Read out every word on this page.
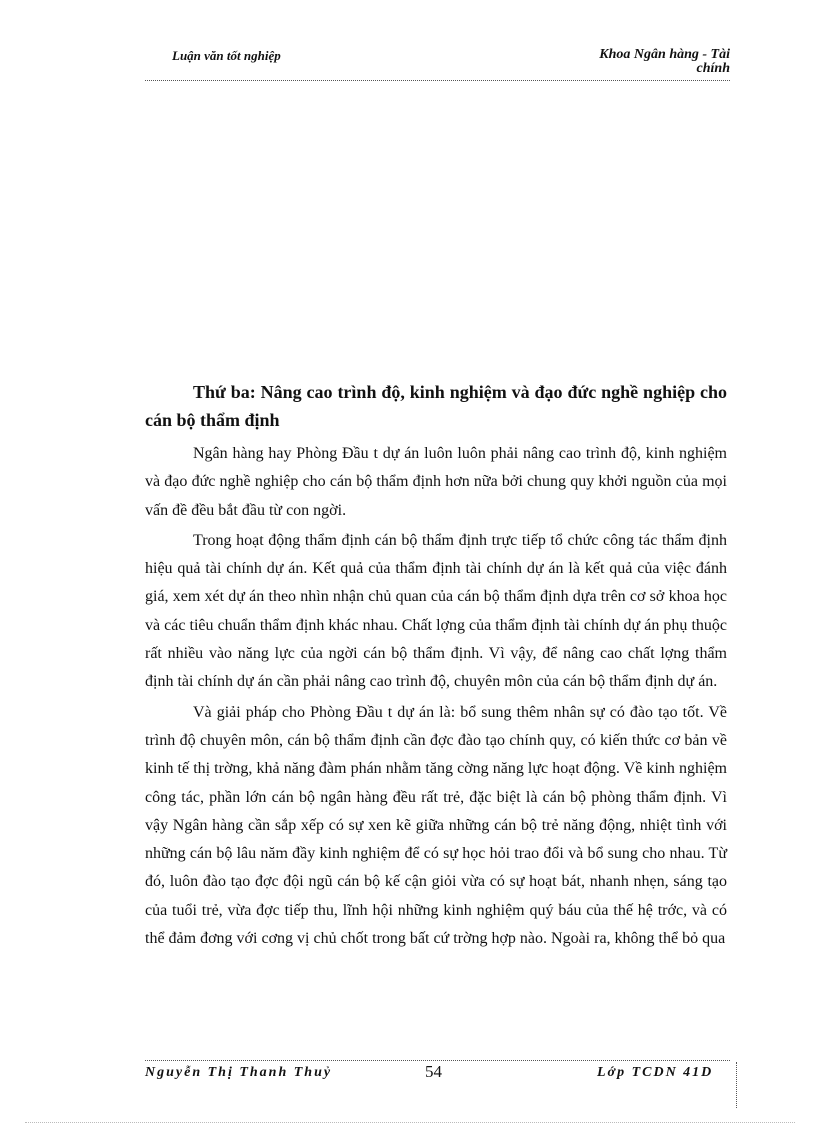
Luận văn tốt nghiệp	Khoa Ngân hàng - Tài
chính

Thứ ba: Nâng cao trình độ, kinh nghiệm và đạo đức nghề nghiệp cho cán bộ thẩm định

Ngân hàng hay Phòng Đầu t dự án luôn luôn phải nâng cao trình độ, kinh nghiệm và đạo đức nghề nghiệp cho cán bộ thẩm định hơn nữa bởi chung quy khởi nguồn của mọi vấn đề đều bắt đầu từ con ngời.

Trong hoạt động thẩm định cán bộ thẩm định trực tiếp tổ chức công tác thẩm định hiệu quả tài chính dự án. Kết quả của thẩm định tài chính dự án là kết quả của việc đánh giá, xem xét dự án theo nhìn nhận chủ quan của cán bộ thẩm định dựa trên cơ sở khoa học và các tiêu chuẩn thẩm định khác nhau. Chất lợng của thẩm định tài chính dự án phụ thuộc rất nhiều vào năng lực của ngời cán bộ thẩm định. Vì vậy, để nâng cao chất lợng thẩm định tài chính dự án cần phải nâng cao trình độ, chuyên môn của cán bộ thẩm định dự án.

Và giải pháp cho Phòng Đầu t dự án là: bổ sung thêm nhân sự có đào tạo tốt. Về trình độ chuyên môn, cán bộ thẩm định cần đợc đào tạo chính quy, có kiến thức cơ bản về kinh tế thị trờng, khả năng đàm phán nhằm tăng cờng năng lực hoạt động. Về kinh nghiệm công tác, phần lớn cán bộ ngân hàng đều rất trẻ, đặc biệt là cán bộ phòng thẩm định. Vì vậy Ngân hàng cần sắp xếp có sự xen kẽ giữa những cán bộ trẻ năng động, nhiệt tình với những cán bộ lâu năm đầy kinh nghiệm để có sự học hỏi trao đổi và bổ sung cho nhau. Từ đó, luôn đào tạo đợc đội ngũ cán bộ kế cận giỏi vừa có sự hoạt bát, nhanh nhẹn, sáng tạo của tuổi trẻ, vừa đợc tiếp thu, lĩnh hội những kinh nghiệm quý báu của thế hệ trớc, và có thể đảm đơng với cơng vị chủ chốt trong bất cứ trờng hợp nào. Ngoài ra, không thể bỏ qua

Nguyễn Thị Thanh Thuỷ	54	Lớp TCDN 41D
